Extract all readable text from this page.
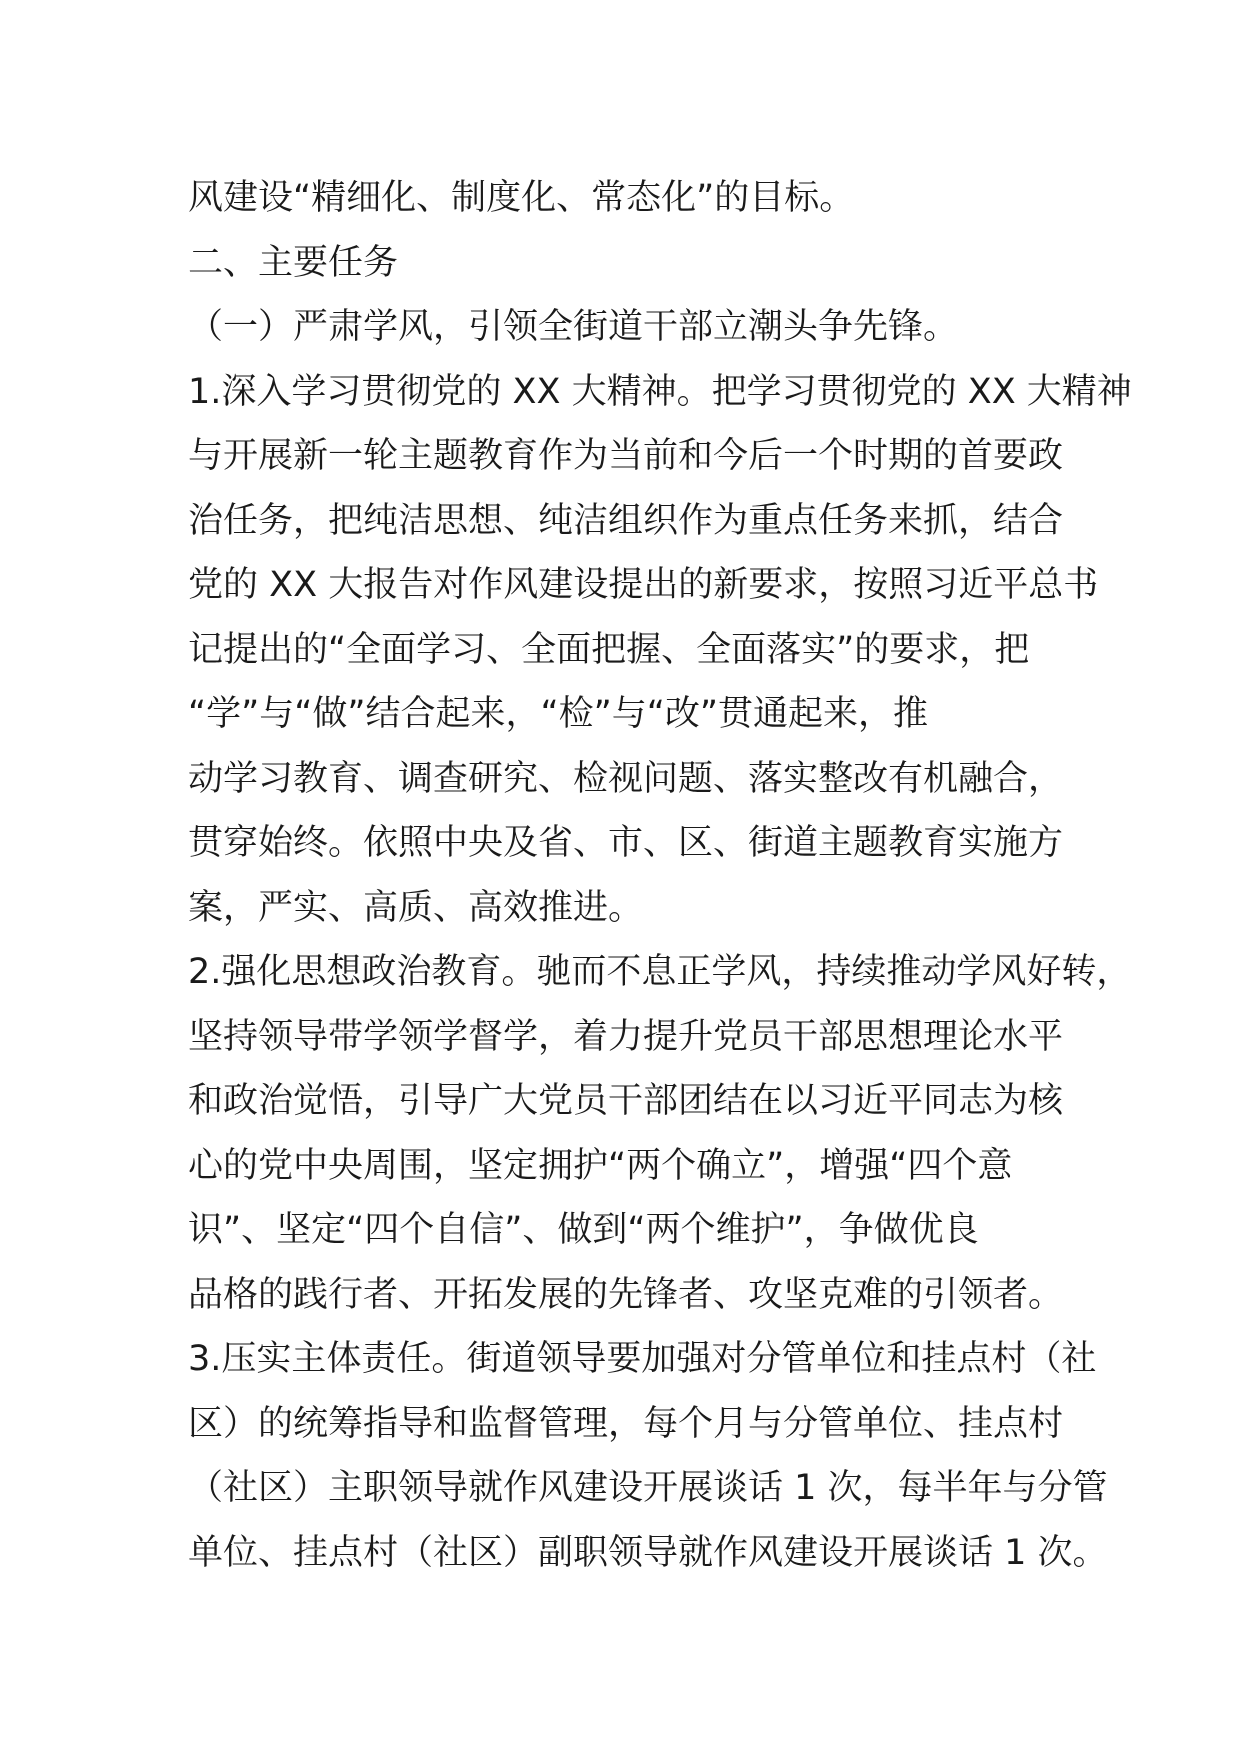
风建设“精细化、制度化、常态化”的目标。
二、主要任务
（一）严肃学风，引领全街道干部立潮头争先锋。
1.深入学习贯彻党的 XX 大精神。把学习贯彻党的 XX 大精神
与开展新一轮主题教育作为当前和今后一个时期的首要政
治任务，把纯洁思想、纯洁组织作为重点任务来抓，结合
党的 XX 大报告对作风建设提出的新要求，按照习近平总书
记提出的“全面学习、全面把握、全面落实”的要求，把
“学”与“做”结合起来，“检”与“改”贯通起来，推
动学习教育、调查研究、检视问题、落实整改有机融合，
贯穿始终。依照中央及省、市、区、街道主题教育实施方
案，严实、高质、高效推进。
2.强化思想政治教育。驰而不息正学风，持续推动学风好转，
坚持领导带学领学督学，着力提升党员干部思想理论水平
和政治觉悟，引导广大党员干部团结在以习近平同志为核
心的党中央周围，坚定拥护“两个确立”，增强“四个意
识”、坚定“四个自信”、做到“两个维护”，争做优良
品格的践行者、开拓发展的先锋者、攻坚克难的引领者。
3.压实主体责任。街道领导要加强对分管单位和挂点村（社
区）的统筹指导和监督管理，每个月与分管单位、挂点村
（社区）主职领导就作风建设开展谈话 1 次，每半年与分管
单位、挂点村（社区）副职领导就作风建设开展谈话 1 次。
